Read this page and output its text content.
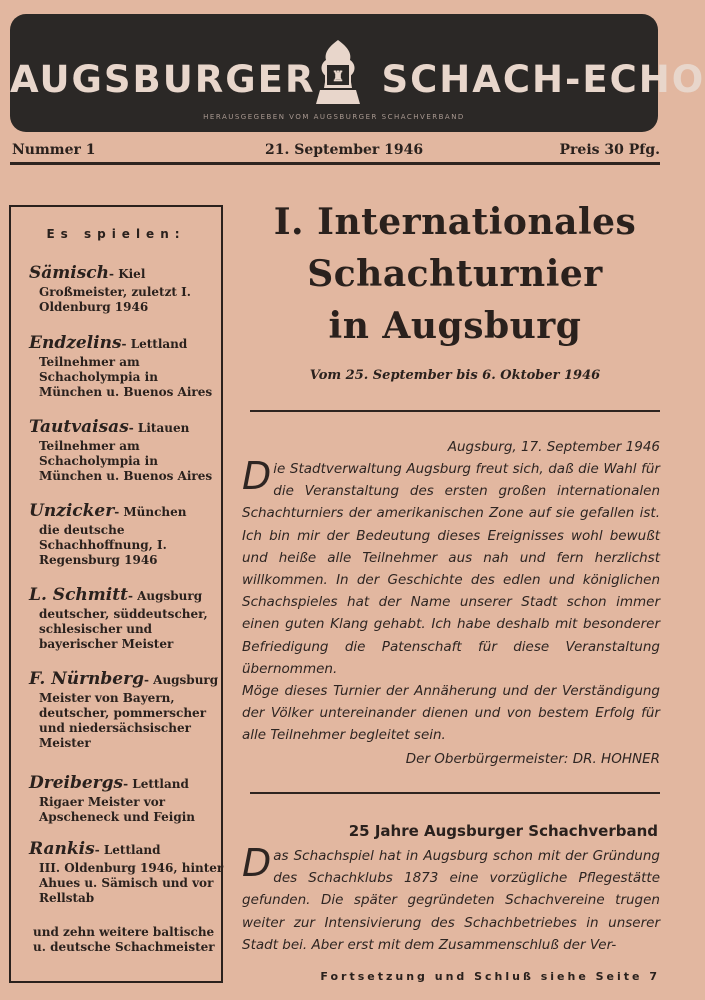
AUGSBURGER SCHACH-ECHO
♜
HERAUSGEGEBEN VOM AUGSBURGER SCHACHVERBAND
Nummer 1	21. September 1946	Preis 30 Pfg.
Es spielen:
Sämisch- Kiel
Großmeister, zuletzt I. Oldenburg 1946
Endzelins- Lettland
Teilnehmer am Schacholympia in München u. Buenos Aires
Tautvaisas- Litauen
Teilnehmer am Schacholympia in München u. Buenos Aires
Unzicker- München
die deutsche Schachhoffnung, I. Regensburg 1946
L. Schmitt- Augsburg
deutscher, süddeutscher, schlesischer und bayerischer Meister
F. Nürnberg- Augsburg
Meister von Bayern, deutscher, pommerscher und niedersächsischer Meister
Dreibergs- Lettland
Rigaer Meister vor Apscheneck und Feigin
Rankis- Lettland
III. Oldenburg 1946, hinter Ahues u. Sämisch und vor Rellstab
und zehn weitere baltische u. deutsche Schachmeister
I. Internationales
Schachturnier
in Augsburg
Vom 25. September bis 6. Oktober 1946
Augsburg, 17. September 1946

Die Stadtverwaltung Augsburg freut sich, daß die Wahl für die Veranstaltung des ersten großen internationalen Schachturniers der amerikanischen Zone auf sie gefallen ist. Ich bin mir der Bedeutung dieses Ereignisses wohl bewußt und heiße alle Teilnehmer aus nah und fern herzlichst willkommen. In der Geschichte des edlen und königlichen Schachspieles hat der Name unserer Stadt schon immer einen guten Klang gehabt. Ich habe deshalb mit besonderer Befriedigung die Patenschaft für diese Veranstaltung übernommen.

Möge dieses Turnier der Annäherung und der Verständigung der Völker untereinander dienen und von bestem Erfolg für alle Teilnehmer begleitet sein.

Der Oberbürgermeister: DR. HOHNER
25 Jahre Augsburger Schachverband

Das Schachspiel hat in Augsburg schon mit der Gründung des Schachklubs 1873 eine vorzügliche Pflegestätte gefunden. Die später gegründeten Schachvereine trugen weiter zur Intensivierung des Schachbetriebes in unserer Stadt bei. Aber erst mit dem Zusammenschluß der Ver-

Fortsetzung und Schluß siehe Seite 7
